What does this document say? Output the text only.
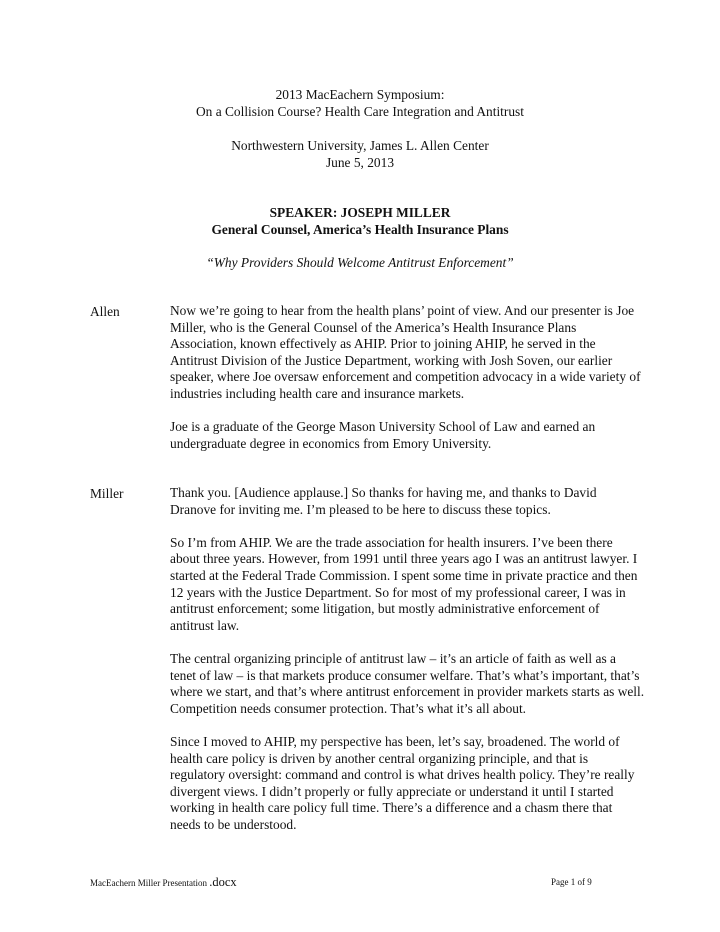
2013 MacEachern Symposium:
On a Collision Course? Health Care Integration and Antitrust
Northwestern University, James L. Allen Center
June 5, 2013
SPEAKER: JOSEPH MILLER
General Counsel, America’s Health Insurance Plans
“Why Providers Should Welcome Antitrust Enforcement”
Allen	Now we’re going to hear from the health plans’ point of view. And our presenter is Joe Miller, who is the General Counsel of the America’s Health Insurance Plans Association, known effectively as AHIP. Prior to joining AHIP, he served in the Antitrust Division of the Justice Department, working with Josh Soven, our earlier speaker, where Joe oversaw enforcement and competition advocacy in a wide variety of industries including health care and insurance markets.

Joe is a graduate of the George Mason University School of Law and earned an undergraduate degree in economics from Emory University.

Miller	Thank you. [Audience applause.] So thanks for having me, and thanks to David Dranove for inviting me. I’m pleased to be here to discuss these topics.

So I’m from AHIP. We are the trade association for health insurers. I’ve been there about three years. However, from 1991 until three years ago I was an antitrust lawyer. I started at the Federal Trade Commission. I spent some time in private practice and then 12 years with the Justice Department. So for most of my professional career, I was in antitrust enforcement; some litigation, but mostly administrative enforcement of antitrust law.

The central organizing principle of antitrust law – it’s an article of faith as well as a tenet of law – is that markets produce consumer welfare. That’s what’s important, that’s where we start, and that’s where antitrust enforcement in provider markets starts as well. Competition needs consumer protection. That’s what it’s all about.

Since I moved to AHIP, my perspective has been, let’s say, broadened. The world of health care policy is driven by another central organizing principle, and that is regulatory oversight: command and control is what drives health policy. They’re really divergent views. I didn’t properly or fully appreciate or understand it until I started working in health care policy full time. There’s a difference and a chasm there that needs to be understood.

MacEachern Miller Presentation .docx	Page 1 of 9
